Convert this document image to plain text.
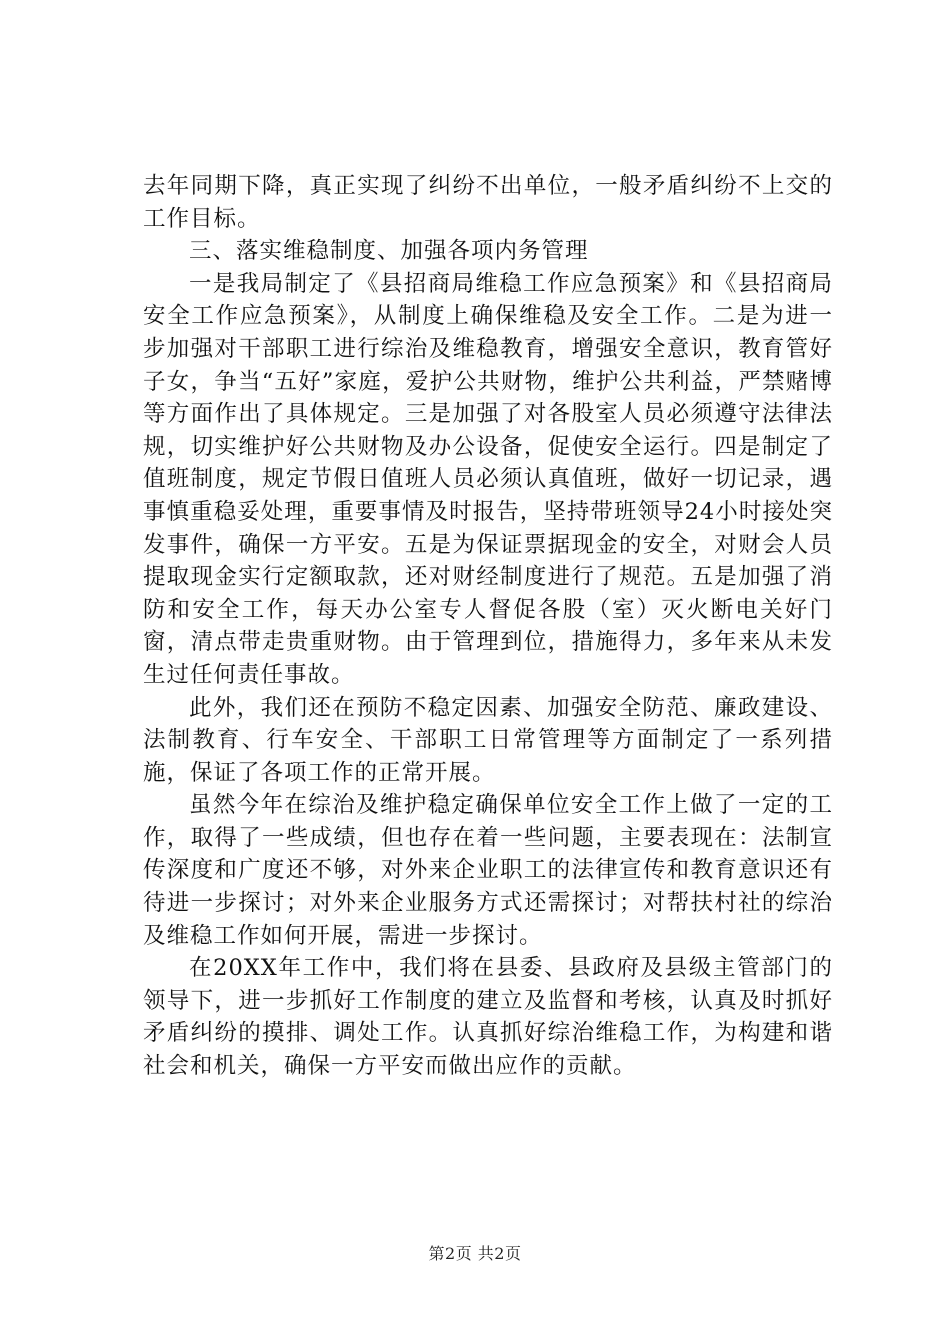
去年同期下降，真正实现了纠纷不出单位，一般矛盾纠纷不上交的工作目标。

三、落实维稳制度、加强各项内务管理

一是我局制定了《县招商局维稳工作应急预案》和《县招商局安全工作应急预案》，从制度上确保维稳及安全工作。二是为进一步加强对干部职工进行综治及维稳教育，增强安全意识，教育管好子女，争当“五好”家庭，爱护公共财物，维护公共利益，严禁赌博等方面作出了具体规定。三是加强了对各股室人员必须遵守法律法规，切实维护好公共财物及办公设备，促使安全运行。四是制定了值班制度，规定节假日值班人员必须认真值班，做好一切记录，遇事慎重稳妥处理，重要事情及时报告，坚持带班领导24小时接处突发事件，确保一方平安。五是为保证票据现金的安全，对财会人员提取现金实行定额取款，还对财经制度进行了规范。五是加强了消防和安全工作，每天办公室专人督促各股（室）灭火断电关好门窗，清点带走贵重财物。由于管理到位，措施得力，多年来从未发生过任何责任事故。

此外，我们还在预防不稳定因素、加强安全防范、廉政建设、法制教育、行车安全、干部职工日常管理等方面制定了一系列措施，保证了各项工作的正常开展。

虽然今年在综治及维护稳定确保单位安全工作上做了一定的工作，取得了一些成绩，但也存在着一些问题，主要表现在：法制宣传深度和广度还不够，对外来企业职工的法律宣传和教育意识还有待进一步探讨；对外来企业服务方式还需探讨；对帮扶村社的综治及维稳工作如何开展，需进一步探讨。

在20XX年工作中，我们将在县委、县政府及县级主管部门的领导下，进一步抓好工作制度的建立及监督和考核，认真及时抓好矛盾纠纷的摸排、调处工作。认真抓好综治维稳工作，为构建和谐社会和机关，确保一方平安而做出应作的贡献。

第2页 共2页
